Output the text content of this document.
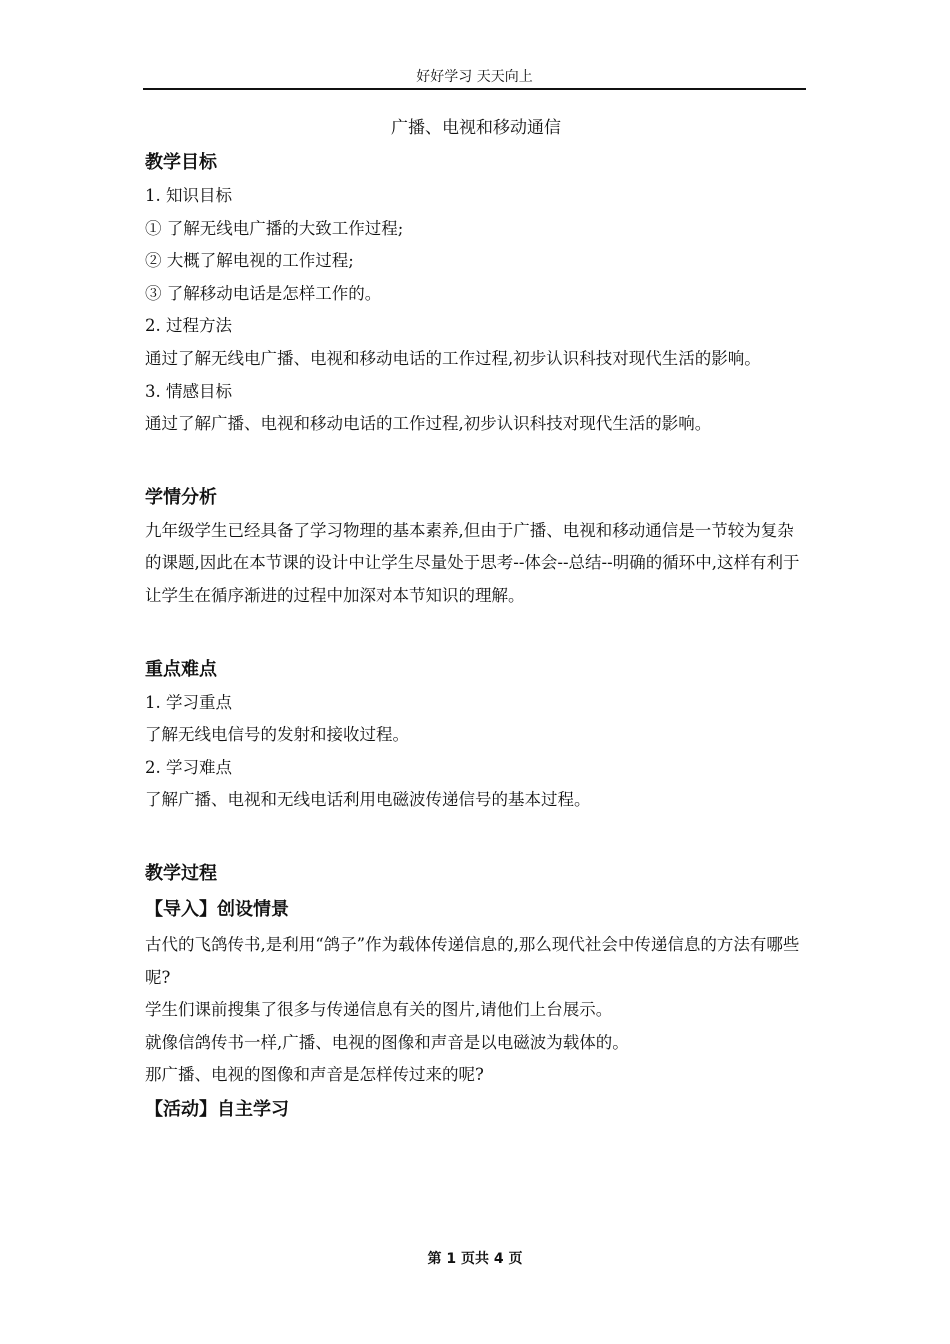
好好学习 天天向上
广播、电视和移动通信
教学目标
1. 知识目标
① 了解无线电广播的大致工作过程;
② 大概了解电视的工作过程;
③ 了解移动电话是怎样工作的。
2. 过程方法
通过了解无线电广播、电视和移动电话的工作过程,初步认识科技对现代生活的影响。
3. 情感目标
通过了解广播、电视和移动电话的工作过程,初步认识科技对现代生活的影响。
学情分析
九年级学生已经具备了学习物理的基本素养,但由于广播、电视和移动通信是一节较为复杂的课题,因此在本节课的设计中让学生尽量处于思考--体会--总结--明确的循环中,这样有利于让学生在循序渐进的过程中加深对本节知识的理解。
重点难点
1. 学习重点
了解无线电信号的发射和接收过程。
2. 学习难点
了解广播、电视和无线电话利用电磁波传递信号的基本过程。
教学过程
【导入】创设情景
古代的飞鸽传书,是利用“鸽子”作为载体传递信息的,那么现代社会中传递信息的方法有哪些呢?
学生们课前搜集了很多与传递信息有关的图片,请他们上台展示。
就像信鸽传书一样,广播、电视的图像和声音是以电磁波为载体的。
那广播、电视的图像和声音是怎样传过来的呢?
【活动】自主学习
第 1 页共 4 页
